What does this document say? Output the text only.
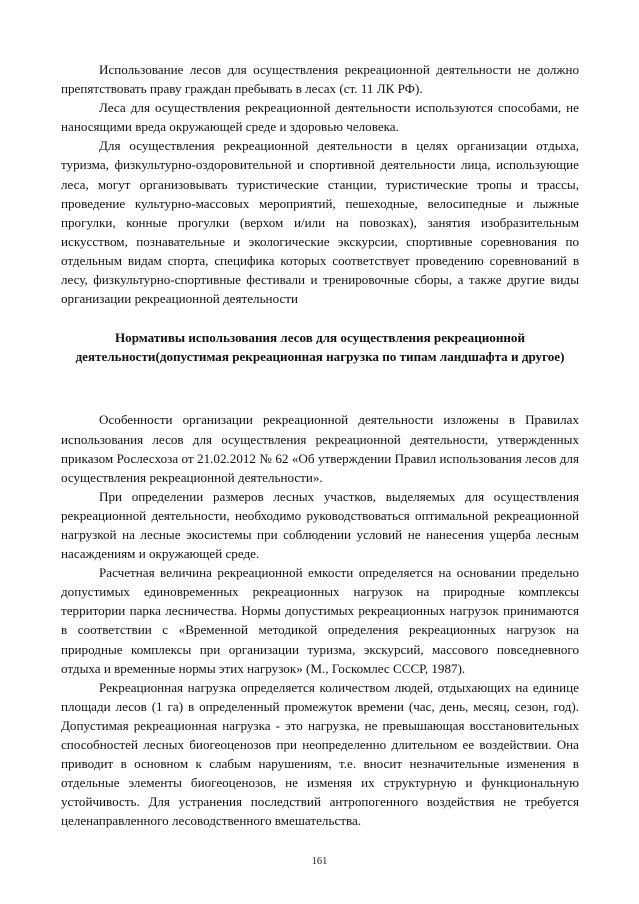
Использование лесов для осуществления рекреационной деятельности не должно препятствовать праву граждан пребывать в лесах (ст. 11 ЛК РФ).

Леса для осуществления рекреационной деятельности используются способами, не наносящими вреда окружающей среде и здоровью человека.

Для осуществления рекреационной деятельности в целях организации отдыха, туризма, физкультурно-оздоровительной и спортивной деятельности лица, использующие леса, могут организовывать туристические станции, туристические тропы и трассы, проведение культурно-массовых мероприятий, пешеходные, велосипедные и лыжные прогулки, конные прогулки (верхом и/или на повозках), занятия изобразительным искусством, познавательные и экологические экскурсии, спортивные соревнования по отдельным видам спорта, специфика которых соответствует проведению соревнований в лесу, физкультурно-спортивные фестивали и тренировочные сборы, а также другие виды организации рекреационной деятельности

Нормативы использования лесов для осуществления рекреационной деятельности(допустимая рекреационная нагрузка по типам ландшафта и другое)

Особенности организации рекреационной деятельности изложены в Правилах использования лесов для осуществления рекреационной деятельности, утвержденных приказом Рослесхоза от 21.02.2012 № 62 «Об утверждении Правил использования лесов для осуществления рекреационной деятельности».

При определении размеров лесных участков, выделяемых для осуществления рекреационной деятельности, необходимо руководствоваться оптимальной рекреационной нагрузкой на лесные экосистемы при соблюдении условий не нанесения ущерба лесным насаждениям и окружающей среде.

Расчетная величина рекреационной емкости определяется на основании предельно допустимых единовременных рекреационных нагрузок на природные комплексы территории парка лесничества. Нормы допустимых рекреационных нагрузок принимаются в соответствии с «Временной методикой определения рекреационных нагрузок на природные комплексы при организации туризма, экскурсий, массового повседневного отдыха и временные нормы этих нагрузок» (М., Госкомлес СССР, 1987).

Рекреационная нагрузка определяется количеством людей, отдыхающих на единице площади лесов (1 га) в определенный промежуток времени (час, день, месяц, сезон, год). Допустимая рекреационная нагрузка - это нагрузка, не превышающая восстановительных способностей лесных биогеоценозов при неопределенно длительном ее воздействии. Она приводит в основном к слабым нарушениям, т.е. вносит незначительные изменения в отдельные элементы биогеоценозов, не изменяя их структурную и функциональную устойчивость. Для устранения последствий антропогенного воздействия не требуется целенаправленного лесоводственного вмешательства.

161
